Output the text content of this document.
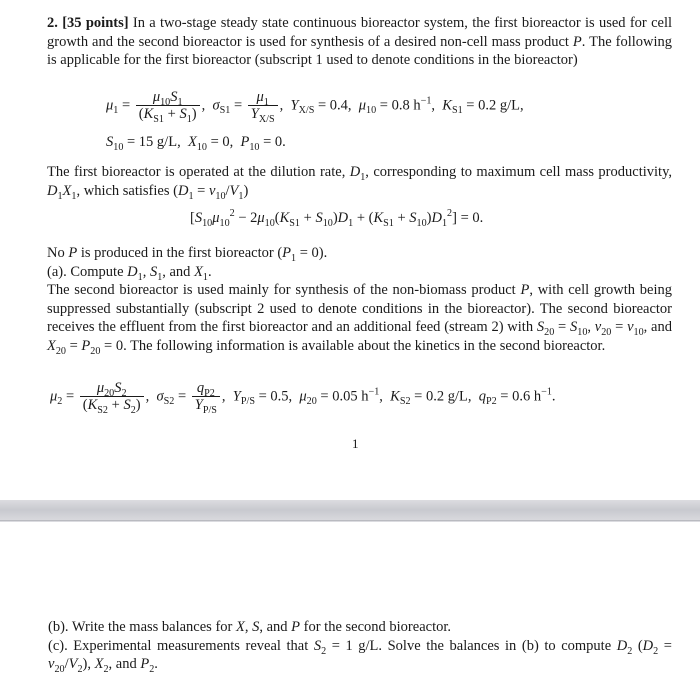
2. [35 points] In a two-stage steady state continuous bioreactor system, the first bioreactor is used for cell growth and the second bioreactor is used for synthesis of a desired non-cell mass product P. The following is applicable for the first bioreactor (subscript 1 used to denote conditions in the bioreactor)

$\mu_1 = \frac{\mu_{10}S_1}{(K_{S1} + S_1)}$ ,  $\sigma_{S1} = \frac{\mu_1}{Y_{X/S}}$ ,  $Y_{X/S} = 0.4$,  $\mu_{10} = 0.8$ $h^{-1}$,  $K_{S1} = 0.2$ g/L,
$S_{10} = 15$ g/L,  $X_{10} = 0$,  $P_{10} = 0$.

The first bioreactor is operated at the dilution rate, $D_1$, corresponding to maximum cell mass productivity, $D_1X_1$, which satisfies $(D_1 = v_{10}/V_1)$

$[S_{10}\mu_{10}^2 - 2\mu_{10}(K_{S1} + S_{10})D_1 + (K_{S1} + S_{10})D_1^2] = 0$.

No P is produced in the first bioreactor $(P_1 = 0)$.

(a). Compute $D_1$, $S_1$, and $X_1$.

The second bioreactor is used mainly for synthesis of the non-biomass product P, with cell growth being suppressed substantially (subscript 2 used to denote conditions in the bioreactor). The second bioreactor receives the effluent from the first bioreactor and an additional feed (stream 2) with $S_{20} = S_{10}$, $v_{20} = v_{10}$, and $X_{20} = P_{20} = 0$. The following information is available about the kinetics in the second bioreactor.

$\mu_2 = \frac{\mu_{20}S_2}{(K_{S2} + S_2)}$ ,  $\sigma_{S2} = \frac{q_{P2}}{Y_{P/S}}$ ,  $Y_{P/S} = 0.5$,  $\mu_{20} = 0.05$ $h^{-1}$,  $K_{S2} = 0.2$ g/L,  $q_{P2} = 0.6$ $h^{-1}$.
1

(b). Write the mass balances for X, S, and P for the second bioreactor.

(c). Experimental measurements reveal that $S_2 = 1$ g/L. Solve the balances in (b) to compute $D_2$ $(D_2 = v_{20}/V_2)$, $X_2$, and $P_2$.
